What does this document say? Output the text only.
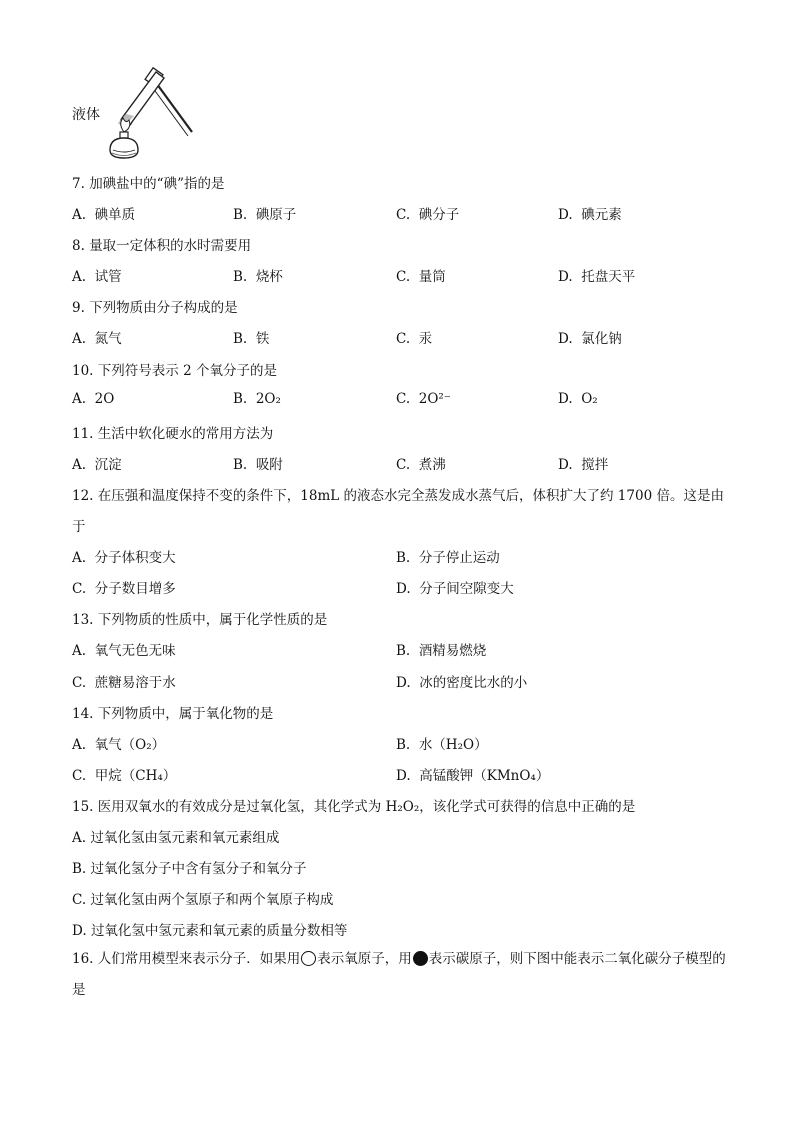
液体
7. 加碘盐中的“碘”指的是
A. 碘单质	B. 碘原子	C. 碘分子	D. 碘元素
8. 量取一定体积的水时需要用
A. 试管	B. 烧杯	C. 量筒	D. 托盘天平
9. 下列物质由分子构成的是
A. 氮气	B. 铁	C. 汞	D. 氯化钠
10. 下列符号表示 2 个氧分子的是
A. 2O	B. 2O₂	C. 2O²⁻	D. O₂
11. 生活中软化硬水的常用方法为
A. 沉淀	B. 吸附	C. 煮沸	D. 搅拌
12. 在压强和温度保持不变的条件下，18mL 的液态水完全蒸发成水蒸气后，体积扩大了约 1700 倍。这是由
于
A. 分子体积变大	B. 分子停止运动
C. 分子数目增多	D. 分子间空隙变大
13. 下列物质的性质中，属于化学性质的是
A. 氧气无色无味	B. 酒精易燃烧
C. 蔗糖易溶于水	D. 冰的密度比水的小
14. 下列物质中，属于氧化物的是
A. 氧气（O₂）	B. 水（H₂O）
C. 甲烷（CH₄）	D. 高锰酸钾（KMnO₄）
15. 医用双氧水的有效成分是过氧化氢，其化学式为 H₂O₂，该化学式可获得的信息中正确的是
A. 过氧化氢由氢元素和氧元素组成
B. 过氧化氢分子中含有氢分子和氧分子
C. 过氧化氢由两个氢原子和两个氧原子构成
D. 过氧化氢中氢元素和氧元素的质量分数相等
16. 人们常用模型来表示分子．如果用 表示氧原子，用 表示碳原子，则下图中能表示二氧化碳分子模型的是
